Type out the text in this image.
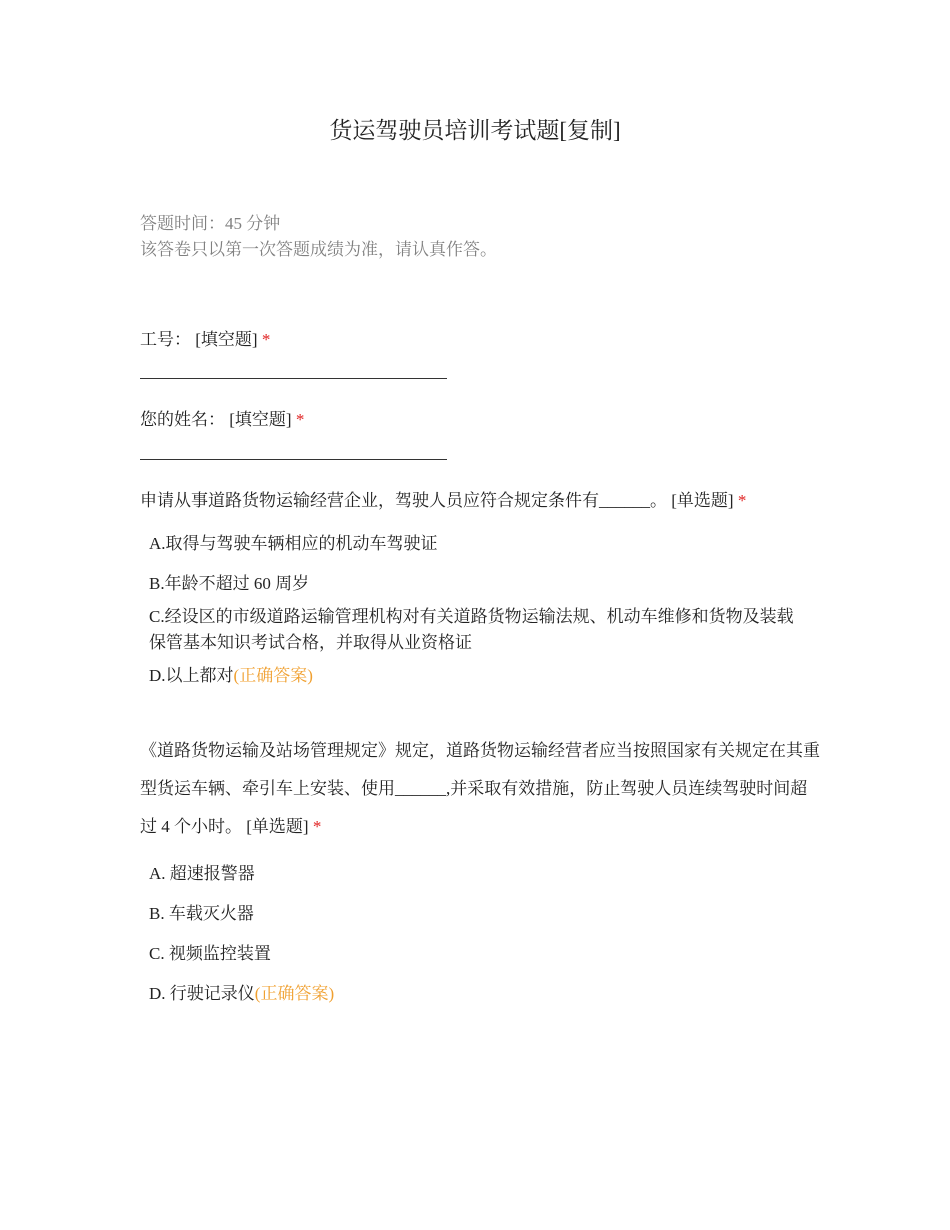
货运驾驶员培训考试题[复制]
答题时间：45 分钟
该答卷只以第一次答题成绩为准，请认真作答。
工号： [填空题] *
您的姓名： [填空题] *
申请从事道路货物运输经营企业，驾驶人员应符合规定条件有______。 [单选题] *
A.取得与驾驶车辆相应的机动车驾驶证
B.年龄不超过 60 周岁
C.经设区的市级道路运输管理机构对有关道路货物运输法规、机动车维修和货物及装载保管基本知识考试合格，并取得从业资格证
D.以上都对(正确答案)
《道路货物运输及站场管理规定》规定，道路货物运输经营者应当按照国家有关规定在其重型货运车辆、牵引车上安装、使用______,并采取有效措施，防止驾驶人员连续驾驶时间超过 4 个小时。 [单选题] *
A. 超速报警器
B. 车载灭火器
C. 视频监控装置
D. 行驶记录仪(正确答案)
